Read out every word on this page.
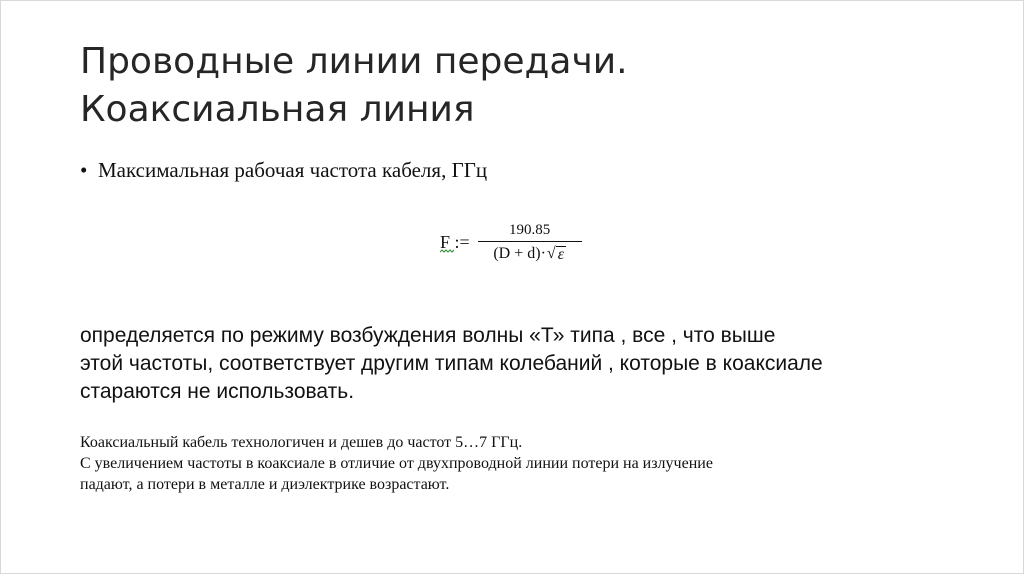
Проводные линии передачи.
Коаксиальная линия
• Максимальная рабочая частота кабеля, ГГц
F := $\frac{190.85}{(D + d)\cdot √ \varepsilon}$
определяется по режиму возбуждения волны «Т» типа , все , что выше
этой частоты, соответствует другим типам колебаний , которые в коаксиале
стараются не использовать.
Коаксиальный кабель технологичен и дешев до частот 5…7 ГГц.
С увеличением частоты в коаксиале в отличие от двухпроводной линии потери на излучение
падают, а потери в металле и диэлектрике возрастают.
